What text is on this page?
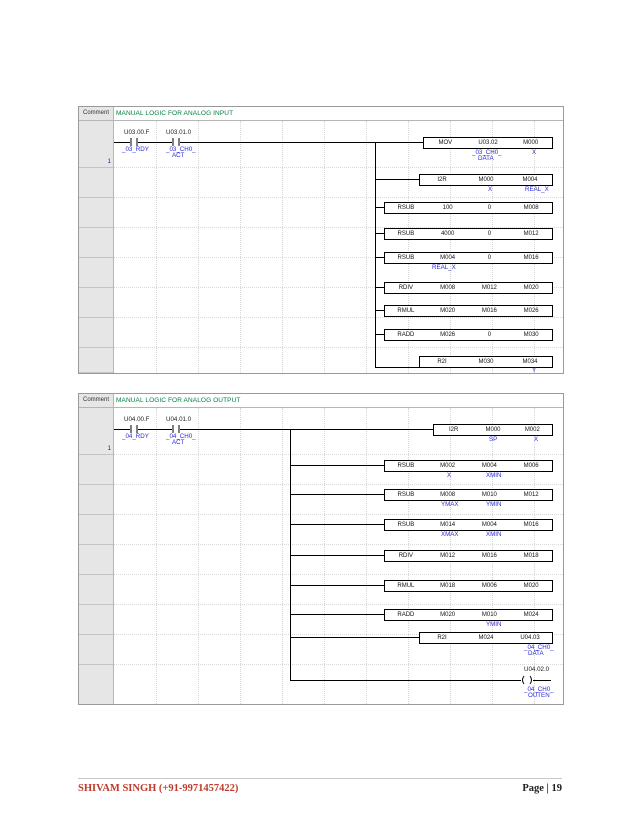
Comment	MANUAL LOGIC FOR ANALOG INPUT
1
U03.00.F
_03_RDY
U03.01.0
_03_CH0_
ACT
MOV	U03.02	M000
_03_CH0_
DATA
X
I2R	M000	M004
X	REAL_X
RSUB	100	0	M008
RSUB	4000	0	M012
RSUB	M004	0	M016
REAL_X
RDIV	M008	M012	M020
RMUL	M020	M016	M026
RADD	M026	0	M030
R2I	M030	M034
Y
Comment	MANUAL LOGIC FOR ANALOG OUTPUT
1
U04.00.F
_04_RDY
U04.01.0
_04_CH0_
ACT
I2R	M000	M002
SP	X
RSUB	M002	M004	M006
X	XMIN
RSUB	M008	M010	M012
YMAX	YMIN
RSUB	M014	M004	M016
XMAX	XMIN
RDIV	M012	M016	M018
RMUL	M018	M006	M020
RADD	M020	M010	M024
YMIN
R2I	M024	U04.03
_04_CH0_
DATA
U04.02.0
_04_CH0_
OUTEN
SHIVAM SINGH (+91-9971457422)	Page | 19
